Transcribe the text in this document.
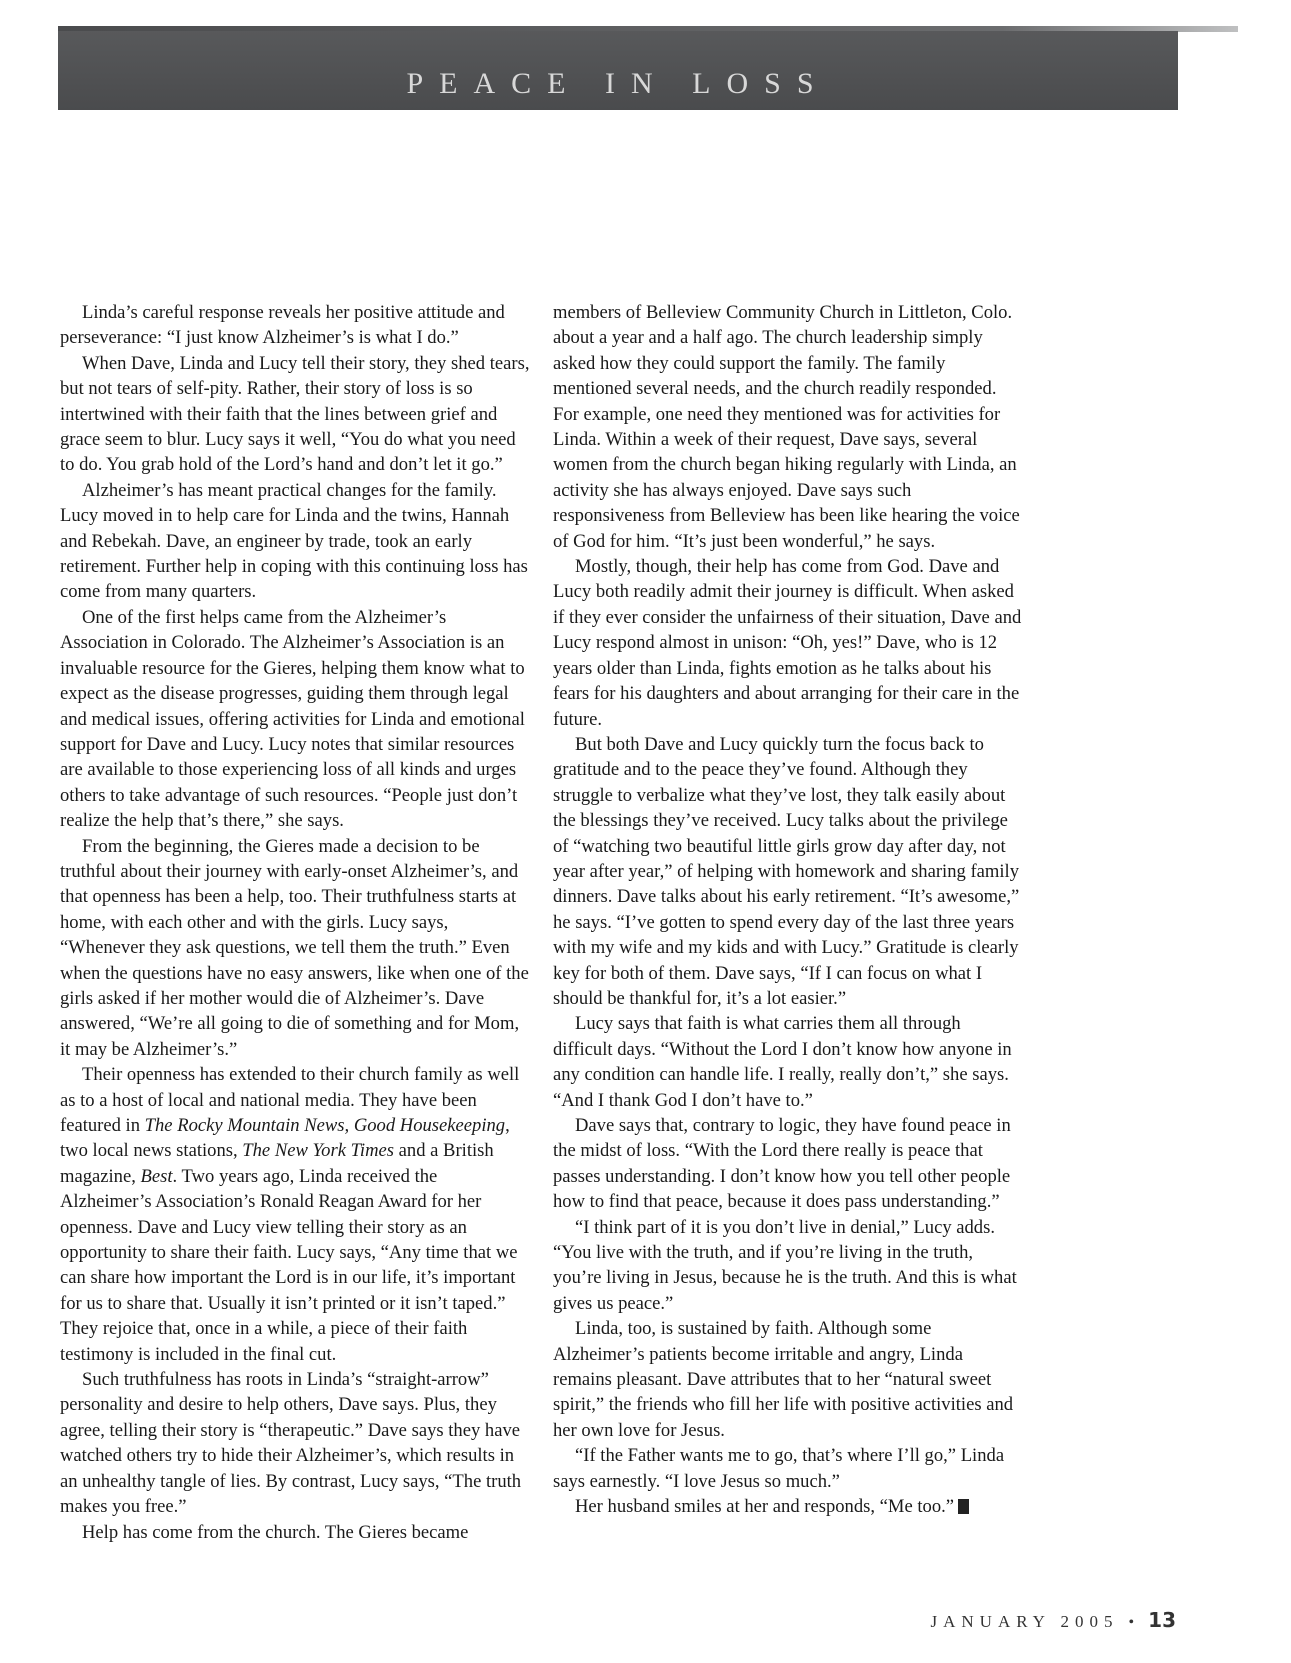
PEACE IN LOSS

Linda’s careful response reveals her positive attitude and perseverance: “I just know Alzheimer’s is what I do.”

When Dave, Linda and Lucy tell their story, they shed tears, but not tears of self-pity. Rather, their story of loss is so intertwined with their faith that the lines between grief and grace seem to blur. Lucy says it well, “You do what you need to do. You grab hold of the Lord’s hand and don’t let it go.”

Alzheimer’s has meant practical changes for the family. Lucy moved in to help care for Linda and the twins, Hannah and Rebekah. Dave, an engineer by trade, took an early retirement. Further help in coping with this continuing loss has come from many quarters.

One of the first helps came from the Alzheimer’s Association in Colorado. The Alzheimer’s Association is an invaluable resource for the Gieres, helping them know what to expect as the disease progresses, guiding them through legal and medical issues, offering activities for Linda and emotional support for Dave and Lucy. Lucy notes that similar resources are available to those experiencing loss of all kinds and urges others to take advantage of such resources. “People just don’t realize the help that’s there,” she says.

From the beginning, the Gieres made a decision to be truthful about their journey with early-onset Alzheimer’s, and that openness has been a help, too. Their truthfulness starts at home, with each other and with the girls. Lucy says, “Whenever they ask questions, we tell them the truth.” Even when the questions have no easy answers, like when one of the girls asked if her mother would die of Alzheimer’s. Dave answered, “We’re all going to die of something and for Mom, it may be Alzheimer’s.”

Their openness has extended to their church family as well as to a host of local and national media. They have been featured in The Rocky Mountain News, Good Housekeeping, two local news stations, The New York Times and a British magazine, Best. Two years ago, Linda received the Alzheimer’s Association’s Ronald Reagan Award for her openness. Dave and Lucy view telling their story as an opportunity to share their faith. Lucy says, “Any time that we can share how important the Lord is in our life, it’s important for us to share that. Usually it isn’t printed or it isn’t taped.” They rejoice that, once in a while, a piece of their faith testimony is included in the final cut.

Such truthfulness has roots in Linda’s “straight-arrow” personality and desire to help others, Dave says. Plus, they agree, telling their story is “therapeutic.” Dave says they have watched others try to hide their Alzheimer’s, which results in an unhealthy tangle of lies. By contrast, Lucy says, “The truth makes you free.”

Help has come from the church. The Gieres became

members of Belleview Community Church in Littleton, Colo. about a year and a half ago. The church leadership simply asked how they could support the family. The family mentioned several needs, and the church readily responded. For example, one need they mentioned was for activities for Linda. Within a week of their request, Dave says, several women from the church began hiking regularly with Linda, an activity she has always enjoyed. Dave says such responsiveness from Belleview has been like hearing the voice of God for him. “It’s just been wonderful,” he says.

Mostly, though, their help has come from God. Dave and Lucy both readily admit their journey is difficult. When asked if they ever consider the unfairness of their situation, Dave and Lucy respond almost in unison: “Oh, yes!” Dave, who is 12 years older than Linda, fights emotion as he talks about his fears for his daughters and about arranging for their care in the future.

But both Dave and Lucy quickly turn the focus back to gratitude and to the peace they’ve found. Although they struggle to verbalize what they’ve lost, they talk easily about the blessings they’ve received. Lucy talks about the privilege of “watching two beautiful little girls grow day after day, not year after year,” of helping with homework and sharing family dinners. Dave talks about his early retirement. “It’s awesome,” he says. “I’ve gotten to spend every day of the last three years with my wife and my kids and with Lucy.” Gratitude is clearly key for both of them. Dave says, “If I can focus on what I should be thankful for, it’s a lot easier.”

Lucy says that faith is what carries them all through difficult days. “Without the Lord I don’t know how anyone in any condition can handle life. I really, really don’t,” she says. “And I thank God I don’t have to.”

Dave says that, contrary to logic, they have found peace in the midst of loss. “With the Lord there really is peace that passes understanding. I don’t know how you tell other people how to find that peace, because it does pass understanding.”

“I think part of it is you don’t live in denial,” Lucy adds. “You live with the truth, and if you’re living in the truth, you’re living in Jesus, because he is the truth. And this is what gives us peace.”

Linda, too, is sustained by faith. Although some Alzheimer’s patients become irritable and angry, Linda remains pleasant. Dave attributes that to her “natural sweet spirit,” the friends who fill her life with positive activities and her own love for Jesus.

“If the Father wants me to go, that’s where I’ll go,” Linda says earnestly. “I love Jesus so much.”

Her husband smiles at her and responds, “Me too.”

JANUARY 2005 • 13
